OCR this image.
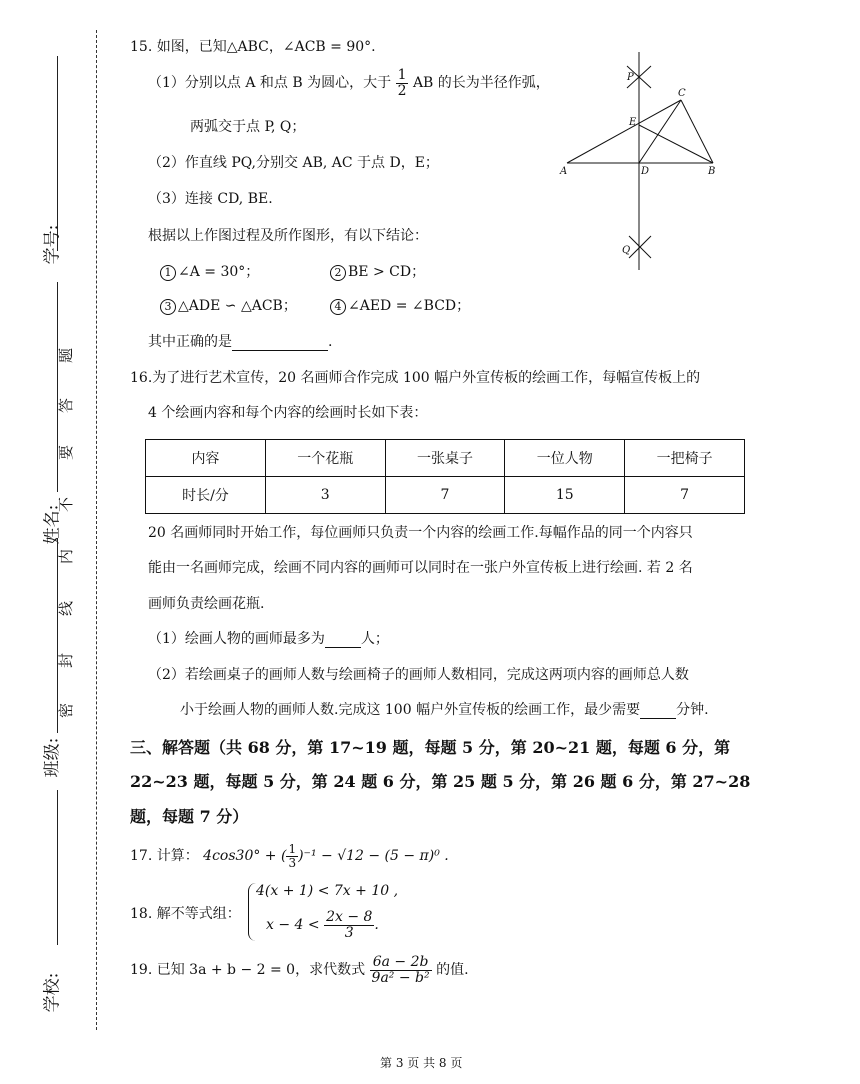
学号:
姓名:
班级:
学校:
密
封
线
内
不
要
答
题
15. 如图，已知△ABC，∠ACB = 90°.
（1）分别以点 A 和点 B 为圆心，大于 $\frac{1}{2}$ AB 的长为半径作弧，
两弧交于点 P, Q；
（2）作直线 PQ,分别交 AB, AC 于点 D，E；
（3）连接 CD, BE.
根据以上作图过程及所作图形，有以下结论：
1 ∠A = 30°；	2 BE > CD；
3 △ADE ∽ △ACB；	4 ∠AED = ∠BCD；
其中正确的是	.
P
Q
A	B
C
D
E
16.为了进行艺术宣传，20 名画师合作完成 100 幅户外宣传板的绘画工作，每幅宣传板上的
4 个绘画内容和每个内容的绘画时长如下表：
内容	一个花瓶	一张桌子	一位人物	一把椅子
时长/分	3	7	15	7
20 名画师同时开始工作，每位画师只负责一个内容的绘画工作.每幅作品的同一个内容只
能由一名画师完成，绘画不同内容的画师可以同时在一张户外宣传板上进行绘画. 若 2 名
画师负责绘画花瓶.
（1）绘画人物的画师最多为	人；
（2）若绘画桌子的画师人数与绘画椅子的画师人数相同，完成这两项内容的画师总人数
小于绘画人物的画师人数.完成这 100 幅户外宣传板的绘画工作，最少需要	分钟.
三、解答题（共 68 分，第 17~19 题，每题 5 分，第 20~21 题，每题 6 分，第
22~23 题，每题 5 分，第 24 题 6 分，第 25 题 5 分，第 26 题 6 分，第 27~28
题，每题 7 分）
17. 计算： 4cos30° + ( $\frac{1}{3} )^{-1} - √12 - (5 - \pi)^0$ .
18. 解不等式组：
4(x + 1) < 7x + 10 ,
$x - 4 < \frac{2x - 8}{3}$ .
19. 已知 3a + b − 2 = 0，求代数式 $\frac{6a - 2b}{\text{9a² − b²}}$ 的值.
第 3 页 共 8 页
